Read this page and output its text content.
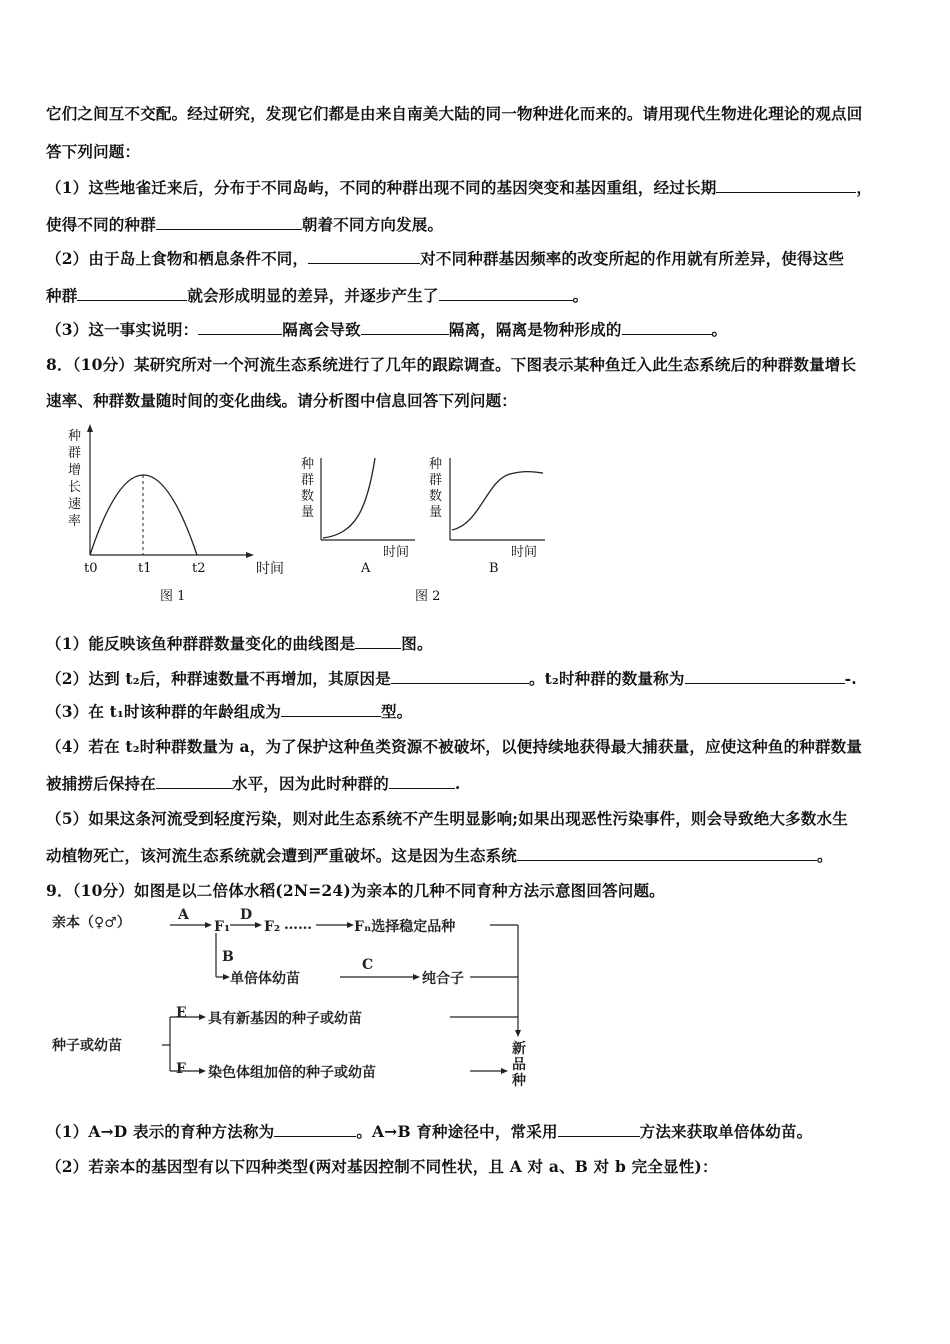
它们之间互不交配。经过研究，发现它们都是由来自南美大陆的同一物种进化而来的。请用现代生物进化理论的观点回
答下列问题：
（1）这些地雀迁来后，分布于不同岛屿，不同的种群出现不同的基因突变和基因重组，经过长期	，
使得不同的种群	朝着不同方向发展。
（2）由于岛上食物和栖息条件不同，	对不同种群基因频率的改变所起的作用就有所差异，使得这些
种群	就会形成明显的差异，并逐步产生了	。
（3）这一事实说明：	隔离会导致	隔离，隔离是物种形成的	。
8．（10分）某研究所对一个河流生态系统进行了几年的跟踪调查。下图表示某种鱼迁入此生态系统后的种群数量增长
速率、种群数量随时间的变化曲线。请分析图中信息回答下列问题：
种
群
增
长
速
率
t0	t1	t2	时间
图 1
种
群
数
量
时间
A
种
群
数
量
时间
B
图 2
（1）能反映该鱼种群群数量变化的曲线图是	图。
（2）达到 t₂后，种群速数量不再增加，其原因是	。t₂时种群的数量称为	-.
（3）在 t₁时该种群的年龄组成为	型。
（4）若在 t₂时种群数量为 a，为了保护这种鱼类资源不被破坏，以便持续地获得最大捕获量，应使这种鱼的种群数量
被捕捞后保持在	水平，因为此时种群的	.
（5）如果这条河流受到轻度污染，则对此生态系统不产生明显影响;如果出现恶性污染事件，则会导致绝大多数水生
动植物死亡，该河流生态系统就会遭到严重破坏。这是因为生态系统	。
9．（10分）如图是以二倍体水稻(2N=24)为亲本的几种不同育种方法示意图回答问题。
亲本（♀♂）	A
F₁
D
F₂ ……	Fₙ选择稳定品种
B
单倍体幼苗
C
纯合子
种子或幼苗
E 具有新基因的种子或幼苗
F 染色体组加倍的种子或幼苗
新
品
种
（1）A→D 表示的育种方法称为	。A→B 育种途径中，常采用	方法来获取单倍体幼苗。
（2）若亲本的基因型有以下四种类型(两对基因控制不同性状，且 A 对 a、B 对 b 完全显性)：
